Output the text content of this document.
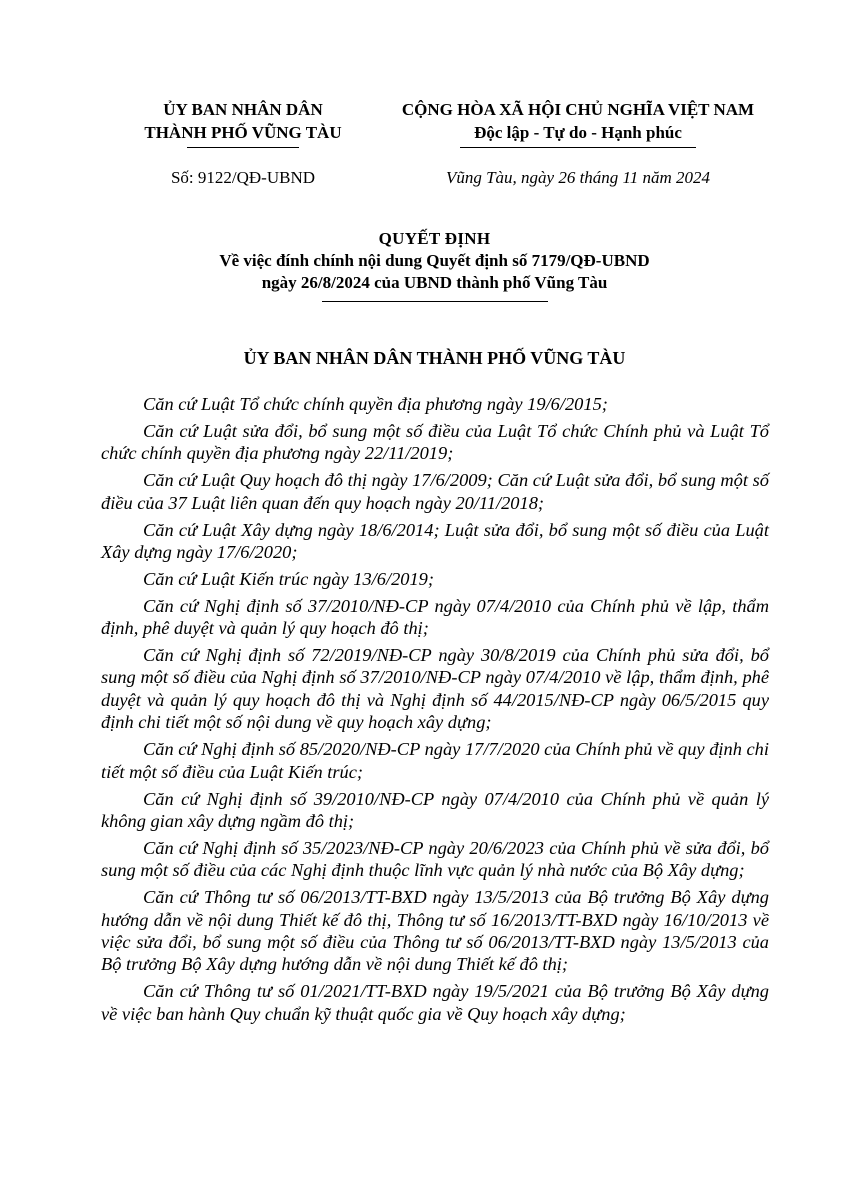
ỦY BAN NHÂN DÂN
THÀNH PHỐ VŨNG TÀU
CỘNG HÒA XÃ HỘI CHỦ NGHĨA VIỆT NAM
Độc lập - Tự do - Hạnh phúc
Số: 9122/QĐ-UBND	Vũng Tàu, ngày 26 tháng 11 năm 2024
QUYẾT ĐỊNH
Về việc đính chính nội dung Quyết định số 7179/QĐ-UBND
ngày 26/8/2024 của UBND thành phố Vũng Tàu
ỦY BAN NHÂN DÂN THÀNH PHỐ VŨNG TÀU

Căn cứ Luật Tổ chức chính quyền địa phương ngày 19/6/2015;

Căn cứ Luật sửa đổi, bổ sung một số điều của Luật Tổ chức Chính phủ và Luật Tổ chức chính quyền địa phương ngày 22/11/2019;

Căn cứ Luật Quy hoạch đô thị ngày 17/6/2009; Căn cứ Luật sửa đổi, bổ sung một số điều của 37 Luật liên quan đến quy hoạch ngày 20/11/2018;

Căn cứ Luật Xây dựng ngày 18/6/2014; Luật sửa đổi, bổ sung một số điều của Luật Xây dựng ngày 17/6/2020;

Căn cứ Luật Kiến trúc ngày 13/6/2019;

Căn cứ Nghị định số 37/2010/NĐ-CP ngày 07/4/2010 của Chính phủ về lập, thẩm định, phê duyệt và quản lý quy hoạch đô thị;

Căn cứ Nghị định số 72/2019/NĐ-CP ngày 30/8/2019 của Chính phủ sửa đổi, bổ sung một số điều của Nghị định số 37/2010/NĐ-CP ngày 07/4/2010 về lập, thẩm định, phê duyệt và quản lý quy hoạch đô thị và Nghị định số 44/2015/NĐ-CP ngày 06/5/2015 quy định chi tiết một số nội dung về quy hoạch xây dựng;

Căn cứ Nghị định số 85/2020/NĐ-CP ngày 17/7/2020 của Chính phủ về quy định chi tiết một số điều của Luật Kiến trúc;

Căn cứ Nghị định số 39/2010/NĐ-CP ngày 07/4/2010 của Chính phủ về quản lý không gian xây dựng ngầm đô thị;

Căn cứ Nghị định số 35/2023/NĐ-CP ngày 20/6/2023 của Chính phủ về sửa đổi, bổ sung một số điều của các Nghị định thuộc lĩnh vực quản lý nhà nước của Bộ Xây dựng;

Căn cứ Thông tư số 06/2013/TT-BXD ngày 13/5/2013 của Bộ trưởng Bộ Xây dựng hướng dẫn về nội dung Thiết kế đô thị, Thông tư số 16/2013/TT-BXD ngày 16/10/2013 về việc sửa đổi, bổ sung một số điều của Thông tư số 06/2013/TT-BXD ngày 13/5/2013 của Bộ trưởng Bộ Xây dựng hướng dẫn về nội dung Thiết kế đô thị;

Căn cứ Thông tư số 01/2021/TT-BXD ngày 19/5/2021 của Bộ trưởng Bộ Xây dựng về việc ban hành Quy chuẩn kỹ thuật quốc gia về Quy hoạch xây dựng;
